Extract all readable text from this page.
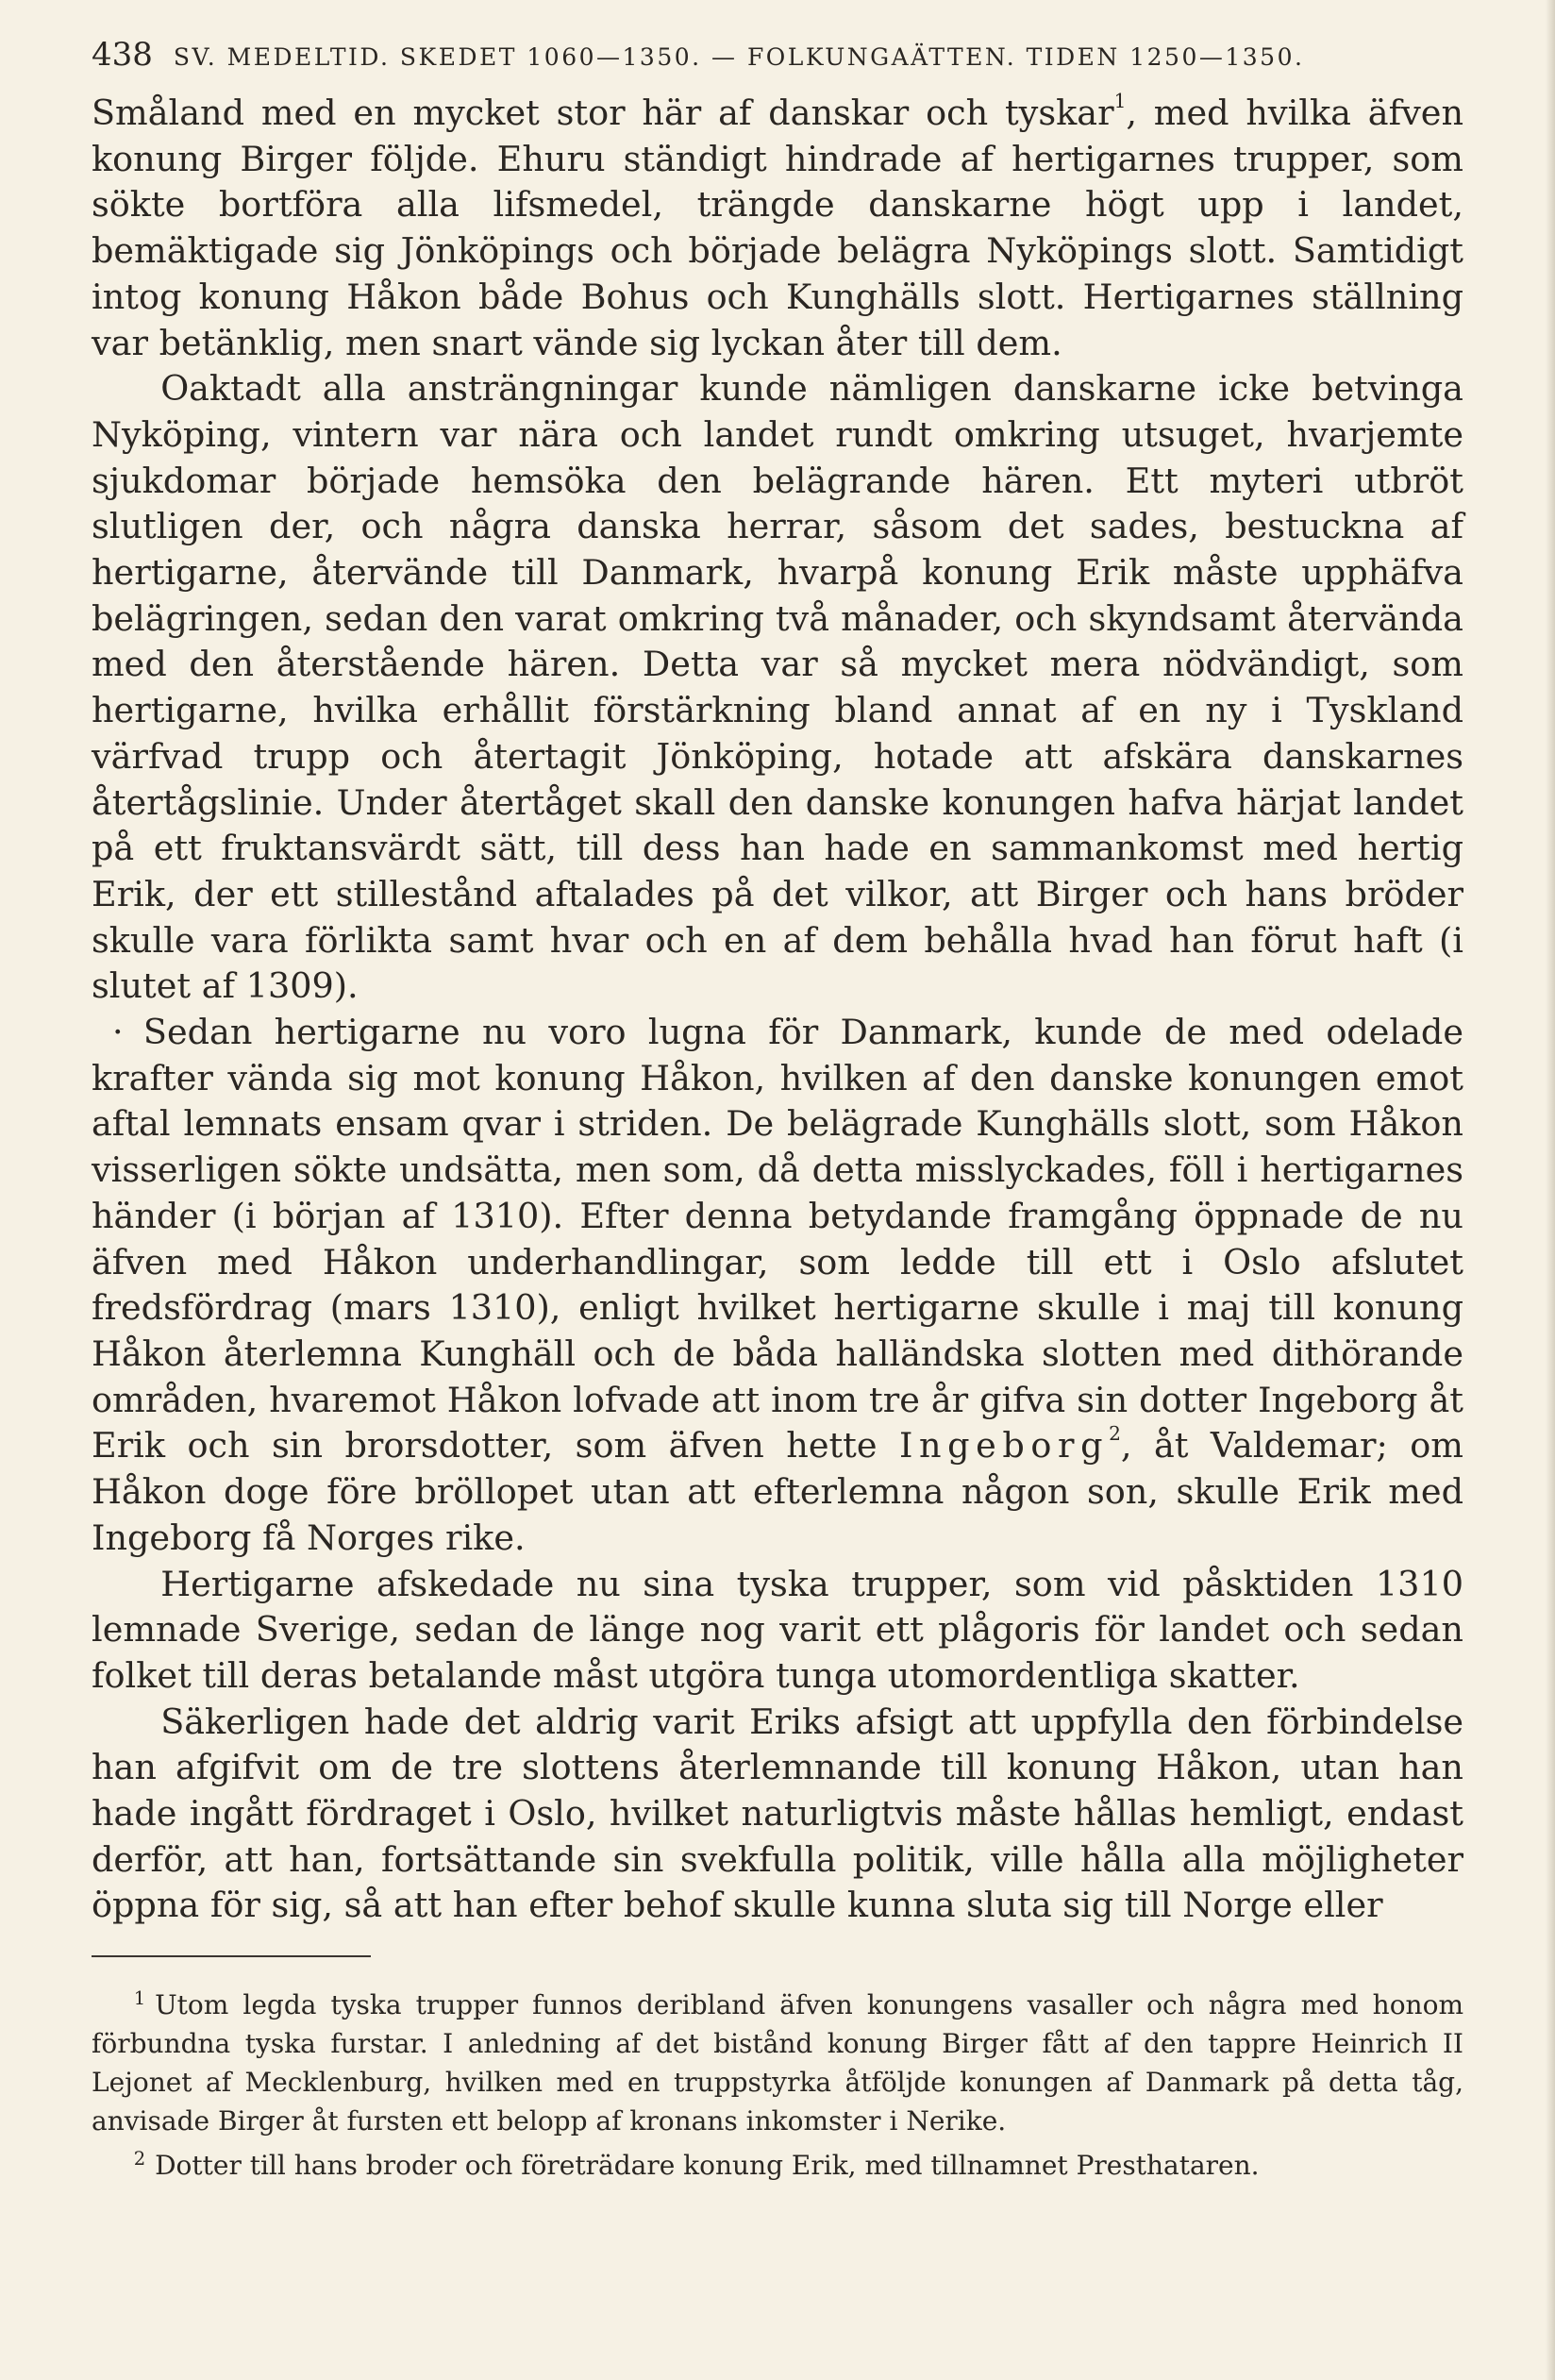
438 SV. MEDELTID. SKEDET 1060—1350. — FOLKUNGAÄTTEN. TIDEN 1250—1350.

Småland med en mycket stor här af danskar och tyskar$^1$, med hvilka äfven konung Birger följde. Ehuru ständigt hindrade af hertigarnes trupper, som sökte bortföra alla lifsmedel, trängde danskarne högt upp i landet, bemäktigade sig Jönköpings och började belägra Nyköpings slott. Samtidigt intog konung Håkon både Bohus och Kunghälls slott. Hertigarnes ställning var betänklig, men snart vände sig lyckan åter till dem.

Oaktadt alla ansträngningar kunde nämligen danskarne icke betvinga Nyköping, vintern var nära och landet rundt omkring utsuget, hvarjemte sjukdomar började hemsöka den belägrande hären. Ett myteri utbröt slutligen der, och några danska herrar, såsom det sades, bestuckna af hertigarne, återvände till Danmark, hvarpå konung Erik måste upphäfva belägringen, sedan den varat omkring två månader, och skyndsamt återvända med den återstående hären. Detta var så mycket mera nödvändigt, som hertigarne, hvilka erhållit förstärkning bland annat af en ny i Tyskland värfvad trupp och återtagit Jönköping, hotade att afskära danskarnes återtågslinie. Under återtåget skall den danske konungen hafva härjat landet på ett fruktansvärdt sätt, till dess han hade en sammankomst med hertig Erik, der ett stillestånd aftalades på det vilkor, att Birger och hans bröder skulle vara förlikta samt hvar och en af dem behålla hvad han förut haft (i slutet af 1309).

· Sedan hertigarne nu voro lugna för Danmark, kunde de med odelade krafter vända sig mot konung Håkon, hvilken af den danske konungen emot aftal lemnats ensam qvar i striden. De belägrade Kunghälls slott, som Håkon visserligen sökte undsätta, men som, då detta misslyckades, föll i hertigarnes händer (i början af 1310). Efter denna betydande framgång öppnade de nu äfven med Håkon underhandlingar, som ledde till ett i Oslo afslutet fredsfördrag (mars 1310), enligt hvilket hertigarne skulle i maj till konung Håkon återlemna Kunghäll och de båda halländska slotten med dithörande områden, hvaremot Håkon lofvade att inom tre år gifva sin dotter Ingeborg åt Erik och sin brorsdotter, som äfven hette Ingeborg$^2$, åt Valdemar; om Håkon doge före bröllopet utan att efterlemna någon son, skulle Erik med Ingeborg få Norges rike.

Hertigarne afskedade nu sina tyska trupper, som vid påsktiden 1310 lemnade Sverige, sedan de länge nog varit ett plågoris för landet och sedan folket till deras betalande måst utgöra tunga utomordentliga skatter.

Säkerligen hade det aldrig varit Eriks afsigt att uppfylla den förbindelse han afgifvit om de tre slottens återlemnande till konung Håkon, utan han hade ingått fördraget i Oslo, hvilket naturligtvis måste hållas hemligt, endast derför, att han, fortsättande sin svekfulla politik, ville hålla alla möjligheter öppna för sig, så att han efter behof skulle kunna sluta sig till Norge eller

$^1$ Utom legda tyska trupper funnos deribland äfven konungens vasaller och några med honom förbundna tyska furstar. I anledning af det bistånd konung Birger fått af den tappre Heinrich II Lejonet af Mecklenburg, hvilken med en truppstyrka åtföljde konungen af Danmark på detta tåg, anvisade Birger åt fursten ett belopp af kronans inkomster i Nerike.

$^2$ Dotter till hans broder och företrädare konung Erik, med tillnamnet Presthataren.
